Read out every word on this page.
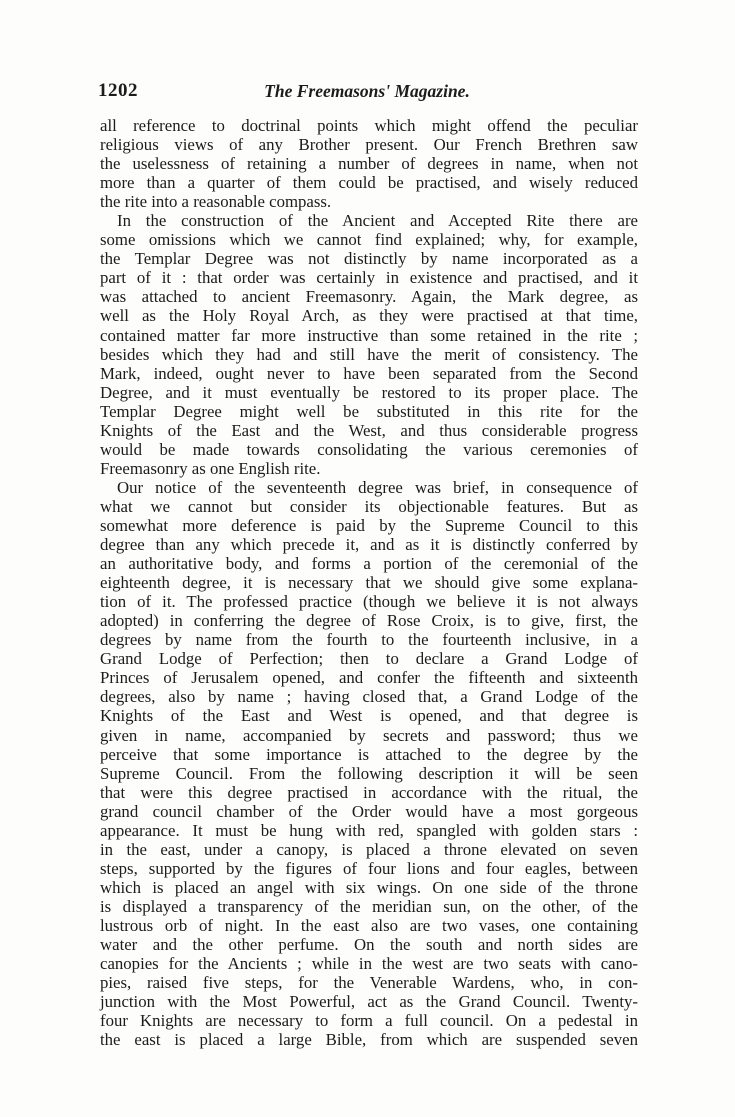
1202	The Freemasons' Magazine.
all reference to doctrinal points which might offend the peculiar
religious views of any Brother present. Our French Brethren saw
the uselessness of retaining a number of degrees in name, when not
more than a quarter of them could be practised, and wisely reduced
the rite into a reasonable compass.
In the construction of the Ancient and Accepted Rite there are
some omissions which we cannot find explained; why, for example,
the Templar Degree was not distinctly by name incorporated as a
part of it : that order was certainly in existence and practised, and it
was attached to ancient Freemasonry. Again, the Mark degree, as
well as the Holy Royal Arch, as they were practised at that time,
contained matter far more instructive than some retained in the rite ;
besides which they had and still have the merit of consistency. The
Mark, indeed, ought never to have been separated from the Second
Degree, and it must eventually be restored to its proper place. The
Templar Degree might well be substituted in this rite for the
Knights of the East and the West, and thus considerable progress
would be made towards consolidating the various ceremonies of
Freemasonry as one English rite.
Our notice of the seventeenth degree was brief, in consequence of
what we cannot but consider its objectionable features. But as
somewhat more deference is paid by the Supreme Council to this
degree than any which precede it, and as it is distinctly conferred by
an authoritative body, and forms a portion of the ceremonial of the
eighteenth degree, it is necessary that we should give some explana-
tion of it. The professed practice (though we believe it is not always
adopted) in conferring the degree of Rose Croix, is to give, first, the
degrees by name from the fourth to the fourteenth inclusive, in a
Grand Lodge of Perfection; then to declare a Grand Lodge of
Princes of Jerusalem opened, and confer the fifteenth and sixteenth
degrees, also by name ; having closed that, a Grand Lodge of the
Knights of the East and West is opened, and that degree is
given in name, accompanied by secrets and password; thus we
perceive that some importance is attached to the degree by the
Supreme Council. From the following description it will be seen
that were this degree practised in accordance with the ritual, the
grand council chamber of the Order would have a most gorgeous
appearance. It must be hung with red, spangled with golden stars :
in the east, under a canopy, is placed a throne elevated on seven
steps, supported by the figures of four lions and four eagles, between
which is placed an angel with six wings. On one side of the throne
is displayed a transparency of the meridian sun, on the other, of the
lustrous orb of night. In the east also are two vases, one containing
water and the other perfume. On the south and north sides are
canopies for the Ancients ; while in the west are two seats with cano-
pies, raised five steps, for the Venerable Wardens, who, in con-
junction with the Most Powerful, act as the Grand Council. Twenty-
four Knights are necessary to form a full council. On a pedestal in
the east is placed a large Bible, from which are suspended seven
